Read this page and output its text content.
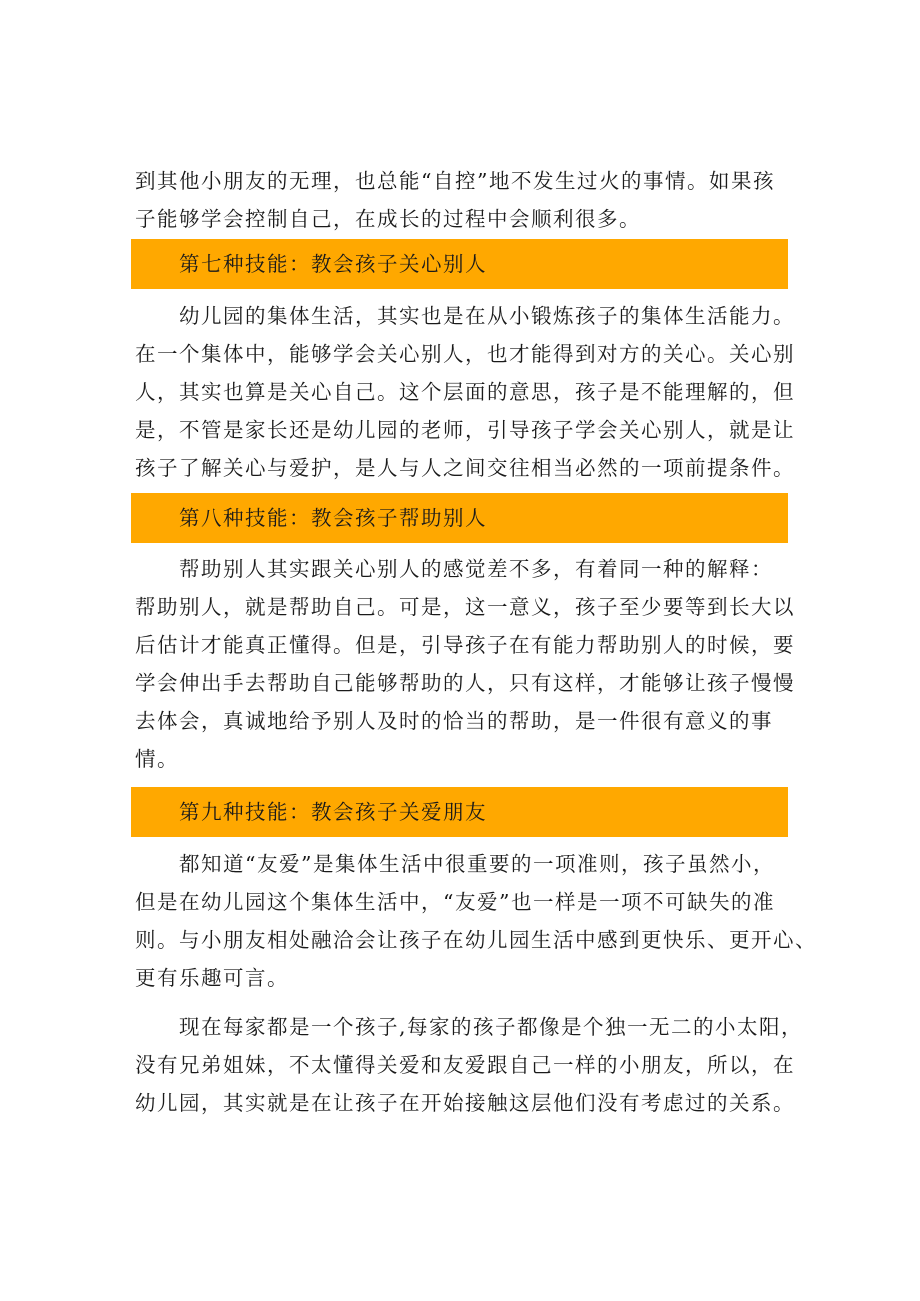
到其他小朋友的无理，也总能“自控”地不发生过火的事情。如果孩
子能够学会控制自己，在成长的过程中会顺利很多。
第七种技能：教会孩子关心别人
幼儿园的集体生活，其实也是在从小锻炼孩子的集体生活能力。
在一个集体中，能够学会关心别人，也才能得到对方的关心。关心别
人，其实也算是关心自己。这个层面的意思，孩子是不能理解的，但
是，不管是家长还是幼儿园的老师，引导孩子学会关心别人，就是让
孩子了解关心与爱护，是人与人之间交往相当必然的一项前提条件。
第八种技能：教会孩子帮助别人
帮助别人其实跟关心别人的感觉差不多，有着同一种的解释：
帮助别人，就是帮助自己。可是，这一意义，孩子至少要等到长大以
后估计才能真正懂得。但是，引导孩子在有能力帮助别人的时候，要
学会伸出手去帮助自己能够帮助的人，只有这样，才能够让孩子慢慢
去体会，真诚地给予别人及时的恰当的帮助，是一件很有意义的事
情。
第九种技能：教会孩子关爱朋友
都知道“友爱”是集体生活中很重要的一项准则，孩子虽然小，
但是在幼儿园这个集体生活中，“友爱”也一样是一项不可缺失的准
则。与小朋友相处融洽会让孩子在幼儿园生活中感到更快乐、更开心、
更有乐趣可言。
现在每家都是一个孩子,每家的孩子都像是个独一无二的小太阳，
没有兄弟姐妹，不太懂得关爱和友爱跟自己一样的小朋友，所以，在
幼儿园，其实就是在让孩子在开始接触这层他们没有考虑过的关系。
